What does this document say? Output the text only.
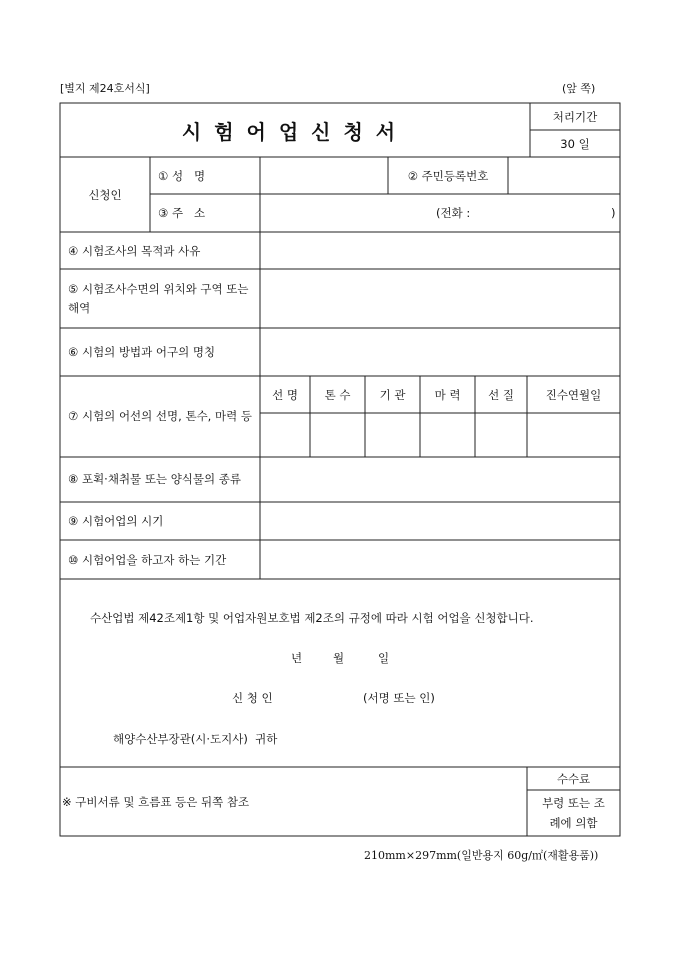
[별지 제24호서식]	(앞 쪽)
시험어업신청서
처리기간
30 일
신청인
① 성   명	② 주민등록번호
③ 주   소	(전화 :	)
④ 시험조사의 목적과 사유
⑤ 시험조사수면의 위치와 구역 또는 해역
⑥ 시험의 방법과 어구의 명칭
⑦ 시험의 어선의 선명, 톤수, 마력 등
선 명	톤 수	기 관	마 력	선 질	진수연월일
⑧ 포획·채취물 또는 양식물의 종류
⑨ 시험어업의 시기
⑩ 시험어업을 하고자 하는 기간
수산업법 제42조제1항 및 어업자원보호법 제2조의 규정에 따라 시험 어업을 신청합니다.
년	월	일
신 청 인	(서명 또는 인)
해양수산부장관(시·도지사)  귀하
※ 구비서류 및 흐름표 등은 뒤쪽 참조
수수료
부령 또는 조례에 의함
210mm×297mm(일반용지 60g/㎡(재활용품))
